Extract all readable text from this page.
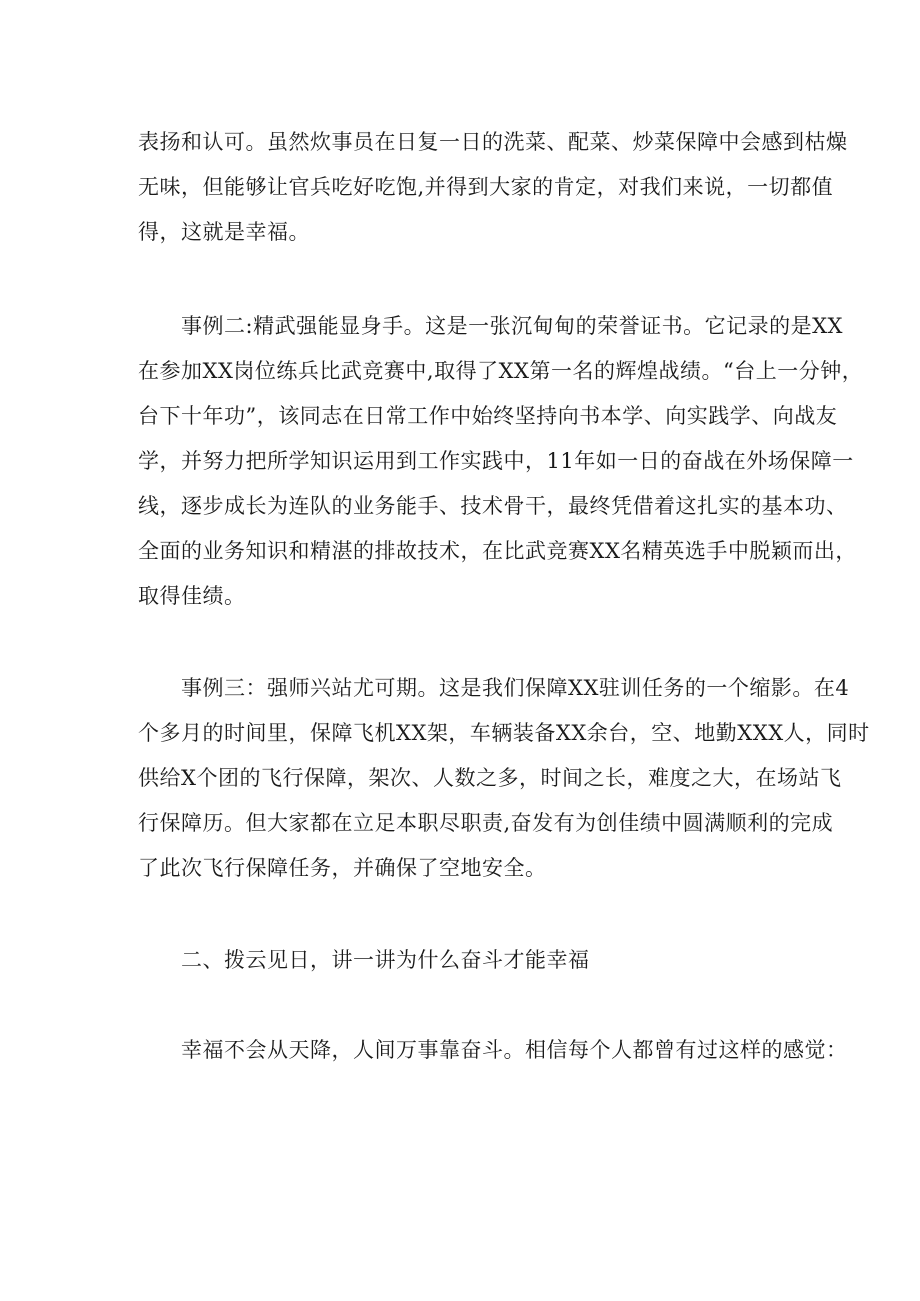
表扬和认可。虽然炊事员在日复一日的洗菜、配菜、炒菜保障中会感到枯燥
无味，但能够让官兵吃好吃饱,并得到大家的肯定，对我们来说，一切都值
得，这就是幸福。
事例二:精武强能显身手。这是一张沉甸甸的荣誉证书。它记录的是XX
在参加XX岗位练兵比武竞赛中,取得了XX第一名的辉煌战绩。“台上一分钟，
台下十年功”，该同志在日常工作中始终坚持向书本学、向实践学、向战友
学，并努力把所学知识运用到工作实践中，11年如一日的奋战在外场保障一
线，逐步成长为连队的业务能手、技术骨干，最终凭借着这扎实的基本功、
全面的业务知识和精湛的排故技术，在比武竞赛XX名精英选手中脱颖而出，
取得佳绩。
事例三：强师兴站尤可期。这是我们保障XX驻训任务的一个缩影。在4
个多月的时间里，保障飞机XX架，车辆装备XX余台，空、地勤XXX人，同时
供给X个团的飞行保障，架次、人数之多，时间之长，难度之大，在场站飞
行保障历。但大家都在立足本职尽职责,奋发有为创佳绩中圆满顺利的完成
了此次飞行保障任务，并确保了空地安全。
二、拨云见日，讲一讲为什么奋斗才能幸福
幸福不会从天降，人间万事靠奋斗。相信每个人都曾有过这样的感觉：
